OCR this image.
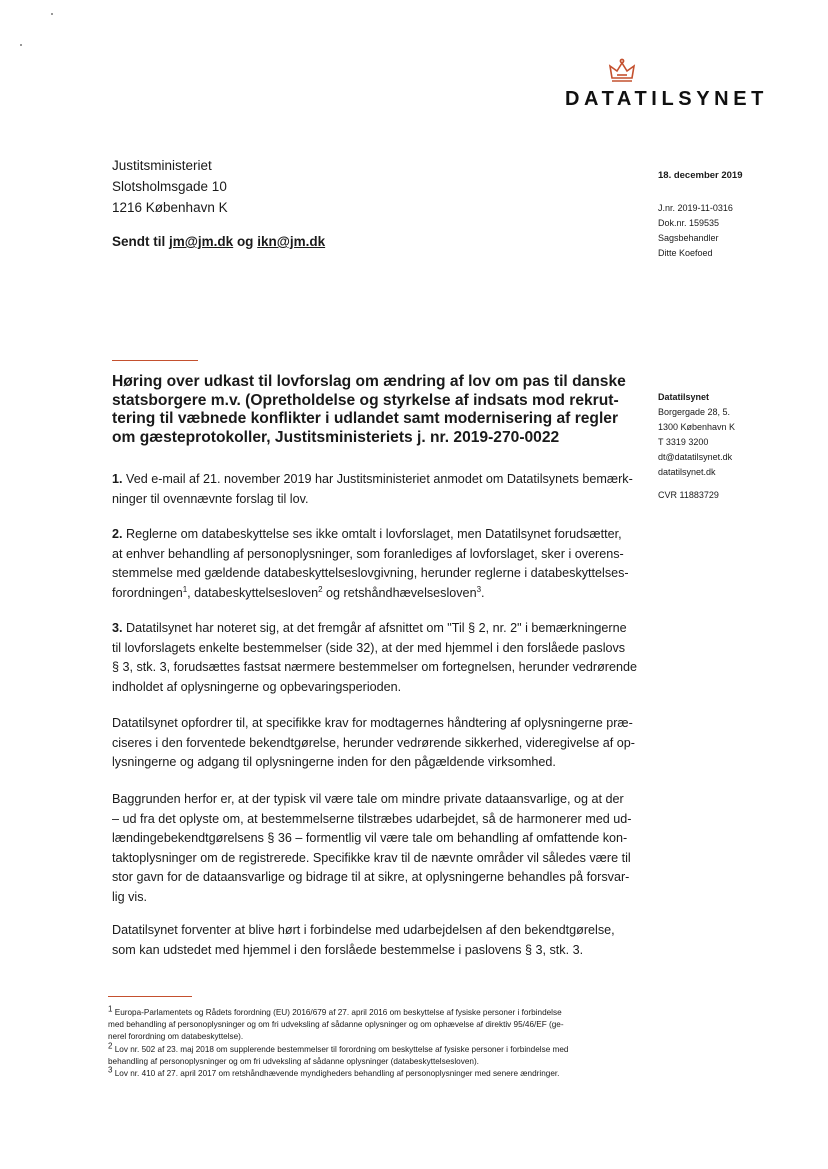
DATATILSYNET
Justitsministeriet
Slotsholmsgade 10
1216 København K
Sendt til jm@jm.dk og ikn@jm.dk
18. december 2019
J.nr. 2019-11-0316
Dok.nr. 159535
Sagsbehandler
Ditte Koefoed
Høring over udkast til lovforslag om ændring af lov om pas til danske
statsborgere m.v. (Opretholdelse og styrkelse af indsats mod rekrut-
tering til væbnede konflikter i udlandet samt modernisering af regler
om gæsteprotokoller, Justitsministeriets j. nr. 2019-270-0022
Datatilsynet
Borgergade 28, 5.
1300 København K
T 3319 3200
dt@datatilsynet.dk
datatilsynet.dk
CVR 11883729
1. Ved e-mail af 21. november 2019 har Justitsministeriet anmodet om Datatilsynets bemærk-
ninger til ovennævnte forslag til lov.
2. Reglerne om databeskyttelse ses ikke omtalt i lovforslaget, men Datatilsynet forudsætter,
at enhver behandling af personoplysninger, som foranlediges af lovforslaget, sker i overens-
stemmelse med gældende databeskyttelseslovgivning, herunder reglerne i databeskyttelses-
forordningen$^1$, databeskyttelsesloven$^2$ og retshåndhævelsesloven$^3$.
3. Datatilsynet har noteret sig, at det fremgår af afsnittet om "Til § 2, nr. 2" i bemærkningerne
til lovforslagets enkelte bestemmelser (side 32), at der med hjemmel i den forslåede paslovs
§ 3, stk. 3, forudsættes fastsat nærmere bestemmelser om fortegnelsen, herunder vedrørende
indholdet af oplysningerne og opbevaringsperioden.
Datatilsynet opfordrer til, at specifikke krav for modtagernes håndtering af oplysningerne præ-
ciseres i den forventede bekendtgørelse, herunder vedrørende sikkerhed, videregivelse af op-
lysningerne og adgang til oplysningerne inden for den pågældende virksomhed.
Baggrunden herfor er, at der typisk vil være tale om mindre private dataansvarlige, og at der
– ud fra det oplyste om, at bestemmelserne tilstræbes udarbejdet, så de harmonerer med ud-
lændingebekendtgørelsens § 36 – formentlig vil være tale om behandling af omfattende kon-
taktoplysninger om de registrerede. Specifikke krav til de nævnte områder vil således være til
stor gavn for de dataansvarlige og bidrage til at sikre, at oplysningerne behandles på forsvar-
lig vis.
Datatilsynet forventer at blive hørt i forbindelse med udarbejdelsen af den bekendtgørelse,
som kan udstedet med hjemmel i den forslåede bestemmelse i paslovens § 3, stk. 3.
$^1$ Europa-Parlamentets og Rådets forordning (EU) 2016/679 af 27. april 2016 om beskyttelse af fysiske personer i forbindelse
med behandling af personoplysninger og om fri udveksling af sådanne oplysninger og om ophævelse af direktiv 95/46/EF (ge-
nerel forordning om databeskyttelse).
$^2$ Lov nr. 502 af 23. maj 2018 om supplerende bestemmelser til forordning om beskyttelse af fysiske personer i forbindelse med
behandling af personoplysninger og om fri udveksling af sådanne oplysninger (databeskyttelsesloven).
$^3$ Lov nr. 410 af 27. april 2017 om retshåndhævende myndigheders behandling af personoplysninger med senere ændringer.
